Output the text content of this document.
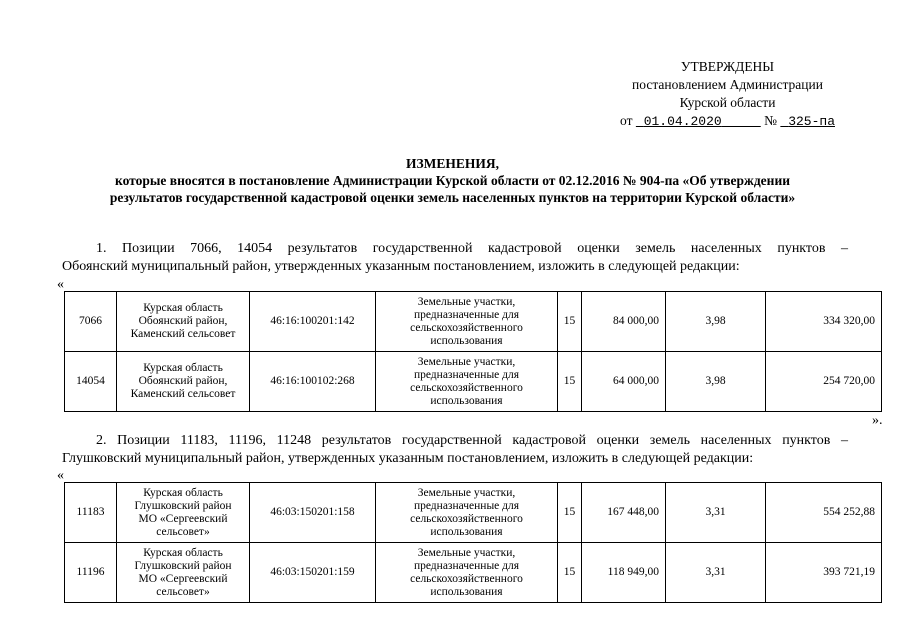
УТВЕРЖДЕНЫ
постановлением Администрации
Курской области
от 01.04.2020	№ 325-па
ИЗМЕНЕНИЯ,
которые вносятся в постановление Администрации Курской области от 02.12.2016 № 904-па «Об утверждении
результатов государственной кадастровой оценки земель населенных пунктов на территории Курской области»
1. Позиции 7066, 14054 результатов государственной кадастровой оценки земель населенных пунктов –
Обоянский муниципальный район, утвержденных указанным постановлением, изложить в следующей редакции:
«
7066	Курская область
Обоянский район,
Каменский сельсовет	46:16:100201:142	Земельные участки,
предназначенные для
сельскохозяйственного
использования	15	84 000,00	3,98	334 320,00
14054	Курская область
Обоянский район,
Каменский сельсовет	46:16:100102:268	Земельные участки,
предназначенные для
сельскохозяйственного
использования	15	64 000,00	3,98	254 720,00
».
2. Позиции 11183, 11196, 11248 результатов государственной кадастровой оценки земель населенных пунктов –
Глушковский муниципальный район, утвержденных указанным постановлением, изложить в следующей редакции:
«
11183	Курская область
Глушковский район
МО «Сергеевский
сельсовет»	46:03:150201:158	Земельные участки,
предназначенные для
сельскохозяйственного
использования	15	167 448,00	3,31	554 252,88
11196	Курская область
Глушковский район
МО «Сергеевский
сельсовет»	46:03:150201:159	Земельные участки,
предназначенные для
сельскохозяйственного
использования	15	118 949,00	3,31	393 721,19
